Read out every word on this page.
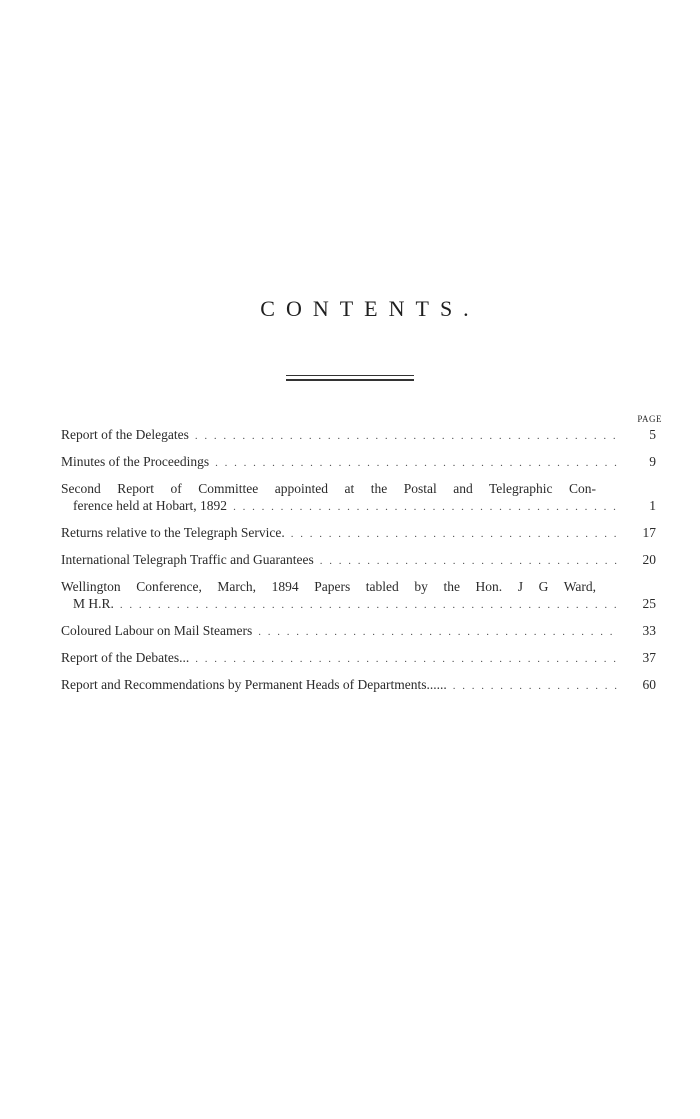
CONTENTS.
PAGE
Report of the Delegates . . .	5
Minutes of the Proceedings . . .	9
Second Report of Committee appointed at the Postal and Telegraphic Con-
ference held at Hobart, 1892 . . .	1
Returns relative to the Telegraph Service. . . .	17
International Telegraph Traffic and Guarantees . . .	20
Wellington Conference, March, 1894 Papers tabled by the Hon. J G Ward,
M H.R. . . .	25
Coloured Labour on Mail Steamers . . .	33
Report of the Debates... . . .	37
Report and Recommendations by Permanent Heads of Departments...... . . .	60
